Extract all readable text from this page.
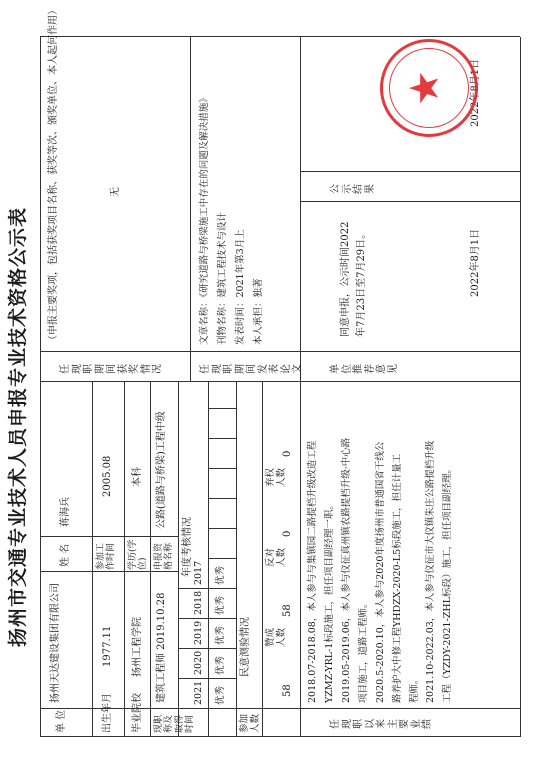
扬州市交通专业技术人员申报专业技术资格公示表
单 位
扬州天达建设集团有限公司
姓 名
蒋海兵
出生年月
1977.11
参加工作时间
2005.08
毕业院校
扬州工程学院
学历(学位)
本科
现职称及取得时间
建筑工程师 2019.10.28
申报资格名称
公路(道路与桥梁)工程中级
年度考核情况
2021 优秀
2020 优秀
2019 优秀
2018 优秀
2017 优秀
民意测验情况
参加人数
58
赞成人数
58
反对人数
0
弃权人数
0
任现职以来主要业绩
2018.07-2018.08，本人参与与集镇园二路提档升级改造工程 YZMZ-YRL-1标段施工，担任项目副经理一职。 2019.05-2019.06，本人参与仪征真州镇农路提档升级·中心路 项目施工，道路工程师。 2020.5-2020.10，本人参与2020年度扬州市普通国省干线公 路养护大中修工程YHDZX-2020-L5标段施工，担任计量工 程师。 2021.10-2022.03，本人参与仪征市大仪镇朱庄公路提档升级 工程（YZDY-2021-ZHL标段）施工，担任项目副经理。
任现职期间获奖情况
（申报主要奖项，包括获奖项目名称、获奖等次、颁奖单位、本人起何作用）	无
任现职期间发表论文
文章名称：《研究道路与桥梁施工中存在的问题及解决措施》 刊物名称：建筑工程技术与设计 发表时间：2021年第3月上 本人承担：独著
单位推荐意见
同意申报，公示时间2022 年7月23日至7月29日。	2022年8月1日
公示结果
2022年8月1日
★
